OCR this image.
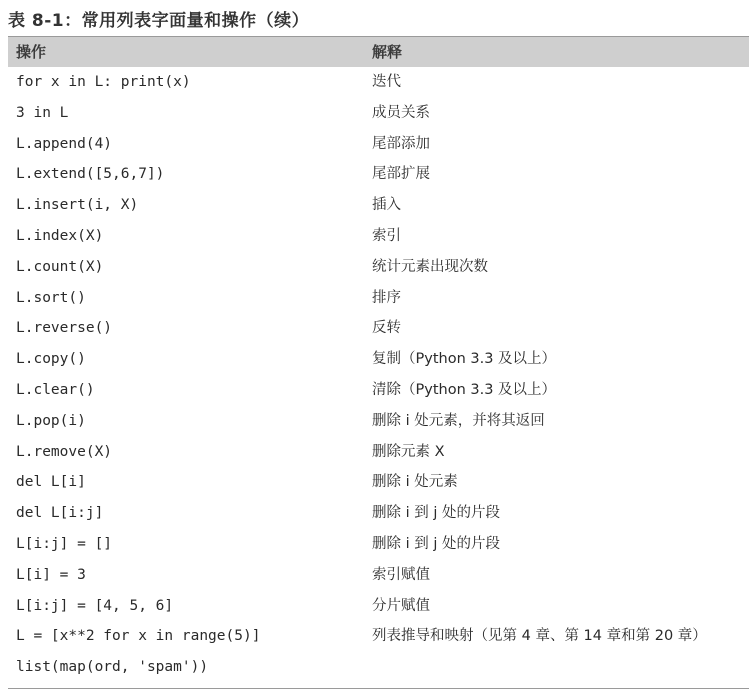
表 8-1：常用列表字面量和操作（续）
操作	解释
for x in L: print(x)	迭代
3 in L	成员关系
L.append(4)	尾部添加
L.extend([5,6,7])	尾部扩展
L.insert(i, X)	插入
L.index(X)	索引
L.count(X)	统计元素出现次数
L.sort()	排序
L.reverse()	反转
L.copy()	复制（Python 3.3 及以上）
L.clear()	清除（Python 3.3 及以上）
L.pop(i)	删除 i 处元素，并将其返回
L.remove(X)	删除元素 X
del L[i]	删除 i 处元素
del L[i:j]	删除 i 到 j 处的片段
L[i:j] = []	删除 i 到 j 处的片段
L[i] = 3	索引赋值
L[i:j] = [4, 5, 6]	分片赋值
L = [x**2 for x in range(5)]	列表推导和映射（见第 4 章、第 14 章和第 20 章）
list(map(ord, 'spam'))
